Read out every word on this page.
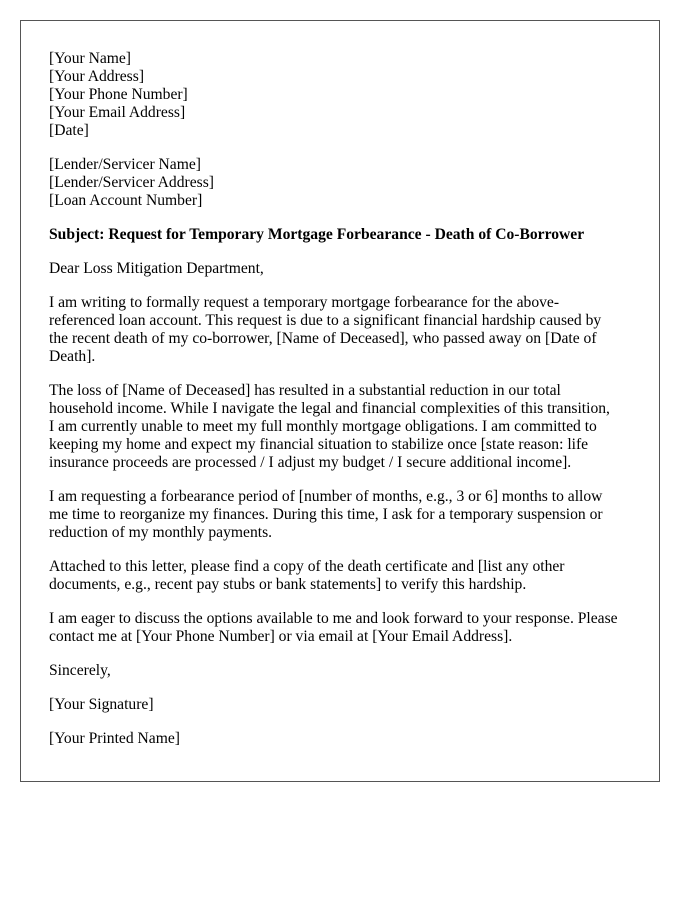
[Your Name]
[Your Address]
[Your Phone Number]
[Your Email Address]
[Date]
[Lender/Servicer Name]
[Lender/Servicer Address]
[Loan Account Number]
Subject: Request for Temporary Mortgage Forbearance - Death of Co-Borrower
Dear Loss Mitigation Department,
I am writing to formally request a temporary mortgage forbearance for the above-
referenced loan account. This request is due to a significant financial hardship caused by
the recent death of my co-borrower, [Name of Deceased], who passed away on [Date of
Death].
The loss of [Name of Deceased] has resulted in a substantial reduction in our total
household income. While I navigate the legal and financial complexities of this transition,
I am currently unable to meet my full monthly mortgage obligations. I am committed to
keeping my home and expect my financial situation to stabilize once [state reason: life
insurance proceeds are processed / I adjust my budget / I secure additional income].
I am requesting a forbearance period of [number of months, e.g., 3 or 6] months to allow
me time to reorganize my finances. During this time, I ask for a temporary suspension or
reduction of my monthly payments.
Attached to this letter, please find a copy of the death certificate and [list any other
documents, e.g., recent pay stubs or bank statements] to verify this hardship.
I am eager to discuss the options available to me and look forward to your response. Please
contact me at [Your Phone Number] or via email at [Your Email Address].
Sincerely,
[Your Signature]
[Your Printed Name]
